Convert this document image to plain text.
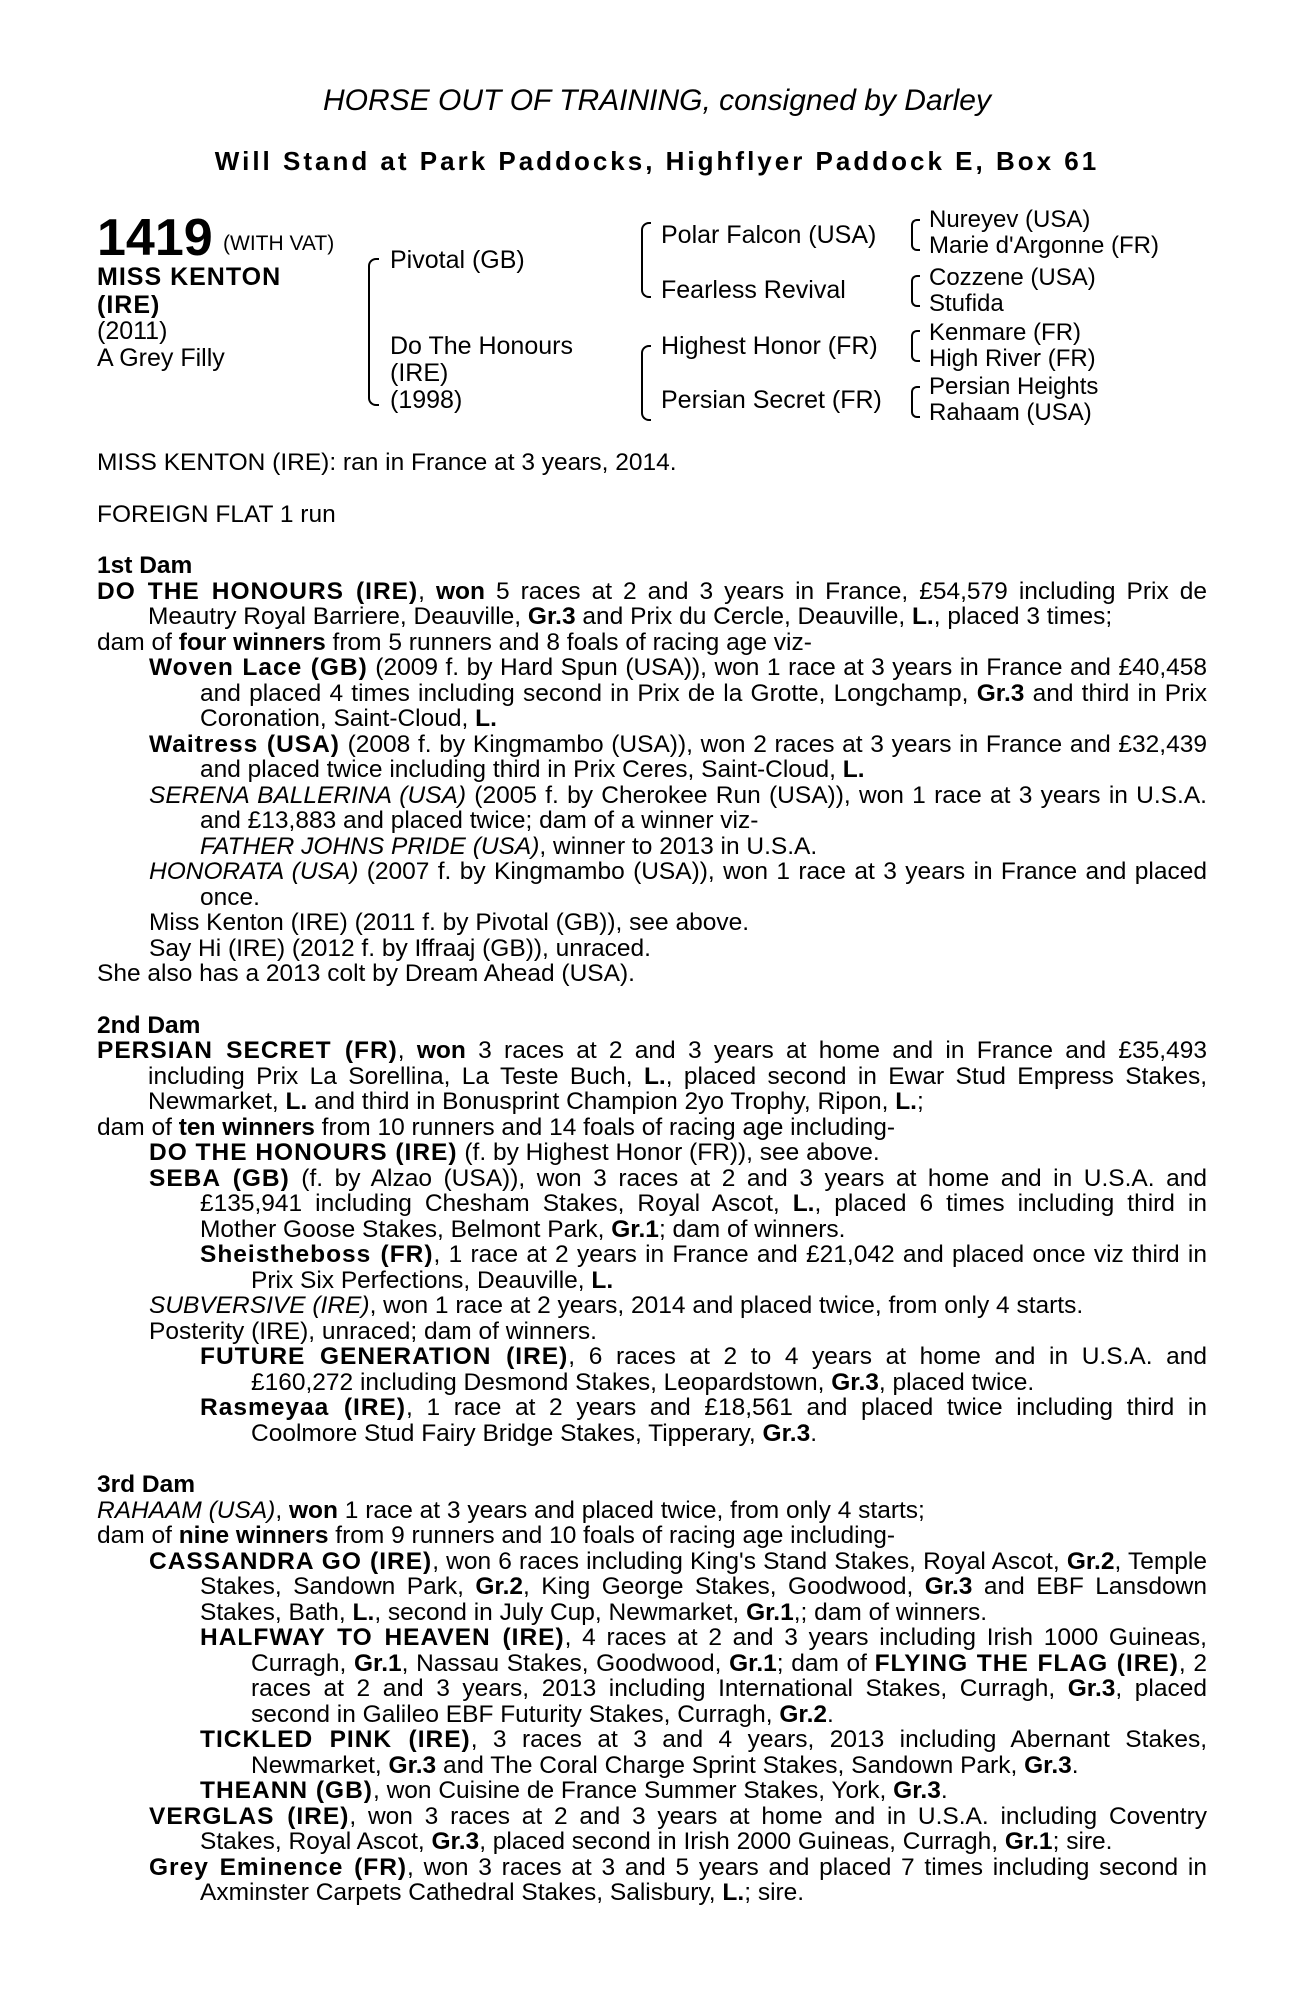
HORSE OUT OF TRAINING, consigned by Darley
Will Stand at Park Paddocks, Highflyer Paddock E, Box 61
1419 (WITH VAT)
MISS KENTON
(IRE)
(2011)
A Grey Filly
Pivotal (GB)
Do The Honours
(IRE)
(1998)
Polar Falcon (USA)
Fearless Revival
Highest Honor (FR)
Persian Secret (FR)
Nureyev (USA)
Marie d'Argonne (FR)
Cozzene (USA)
Stufida
Kenmare (FR)
High River (FR)
Persian Heights
Rahaam (USA)

MISS KENTON (IRE): ran in France at 3 years, 2014.

FOREIGN FLAT 1 run

1st Dam

DO THE HONOURS (IRE), won 5 races at 2 and 3 years in France, £54,579 including Prix de Meautry Royal Barriere, Deauville, Gr.3 and Prix du Cercle, Deauville, L., placed 3 times;

dam of four winners from 5 runners and 8 foals of racing age viz-

Woven Lace (GB) (2009 f. by Hard Spun (USA)), won 1 race at 3 years in France and £40,458 and placed 4 times including second in Prix de la Grotte, Longchamp, Gr.3 and third in Prix Coronation, Saint-Cloud, L.

Waitress (USA) (2008 f. by Kingmambo (USA)), won 2 races at 3 years in France and £32,439 and placed twice including third in Prix Ceres, Saint-Cloud, L.

SERENA BALLERINA (USA) (2005 f. by Cherokee Run (USA)), won 1 race at 3 years in U.S.A. and £13,883 and placed twice; dam of a winner viz-

FATHER JOHNS PRIDE (USA), winner to 2013 in U.S.A.

HONORATA (USA) (2007 f. by Kingmambo (USA)), won 1 race at 3 years in France and placed once.

Miss Kenton (IRE) (2011 f. by Pivotal (GB)), see above.

Say Hi (IRE) (2012 f. by Iffraaj (GB)), unraced.

She also has a 2013 colt by Dream Ahead (USA).

2nd Dam

PERSIAN SECRET (FR), won 3 races at 2 and 3 years at home and in France and £35,493 including Prix La Sorellina, La Teste Buch, L., placed second in Ewar Stud Empress Stakes, Newmarket, L. and third in Bonusprint Champion 2yo Trophy, Ripon, L.;

dam of ten winners from 10 runners and 14 foals of racing age including-

DO THE HONOURS (IRE) (f. by Highest Honor (FR)), see above.

SEBA (GB) (f. by Alzao (USA)), won 3 races at 2 and 3 years at home and in U.S.A. and £135,941 including Chesham Stakes, Royal Ascot, L., placed 6 times including third in Mother Goose Stakes, Belmont Park, Gr.1; dam of winners.

Sheistheboss (FR), 1 race at 2 years in France and £21,042 and placed once viz third in Prix Six Perfections, Deauville, L.

SUBVERSIVE (IRE), won 1 race at 2 years, 2014 and placed twice, from only 4 starts.

Posterity (IRE), unraced; dam of winners.

FUTURE GENERATION (IRE), 6 races at 2 to 4 years at home and in U.S.A. and £160,272 including Desmond Stakes, Leopardstown, Gr.3, placed twice.

Rasmeyaa (IRE), 1 race at 2 years and £18,561 and placed twice including third in Coolmore Stud Fairy Bridge Stakes, Tipperary, Gr.3.

3rd Dam

RAHAAM (USA), won 1 race at 3 years and placed twice, from only 4 starts;

dam of nine winners from 9 runners and 10 foals of racing age including-

CASSANDRA GO (IRE), won 6 races including King's Stand Stakes, Royal Ascot, Gr.2, Temple Stakes, Sandown Park, Gr.2, King George Stakes, Goodwood, Gr.3 and EBF Lansdown Stakes, Bath, L., second in July Cup, Newmarket, Gr.1,; dam of winners.

HALFWAY TO HEAVEN (IRE), 4 races at 2 and 3 years including Irish 1000 Guineas, Curragh, Gr.1, Nassau Stakes, Goodwood, Gr.1; dam of FLYING THE FLAG (IRE), 2 races at 2 and 3 years, 2013 including International Stakes, Curragh, Gr.3, placed second in Galileo EBF Futurity Stakes, Curragh, Gr.2.

TICKLED PINK (IRE), 3 races at 3 and 4 years, 2013 including Abernant Stakes, Newmarket, Gr.3 and The Coral Charge Sprint Stakes, Sandown Park, Gr.3.

THEANN (GB), won Cuisine de France Summer Stakes, York, Gr.3.

VERGLAS (IRE), won 3 races at 2 and 3 years at home and in U.S.A. including Coventry Stakes, Royal Ascot, Gr.3, placed second in Irish 2000 Guineas, Curragh, Gr.1; sire.

Grey Eminence (FR), won 3 races at 3 and 5 years and placed 7 times including second in Axminster Carpets Cathedral Stakes, Salisbury, L.; sire.
